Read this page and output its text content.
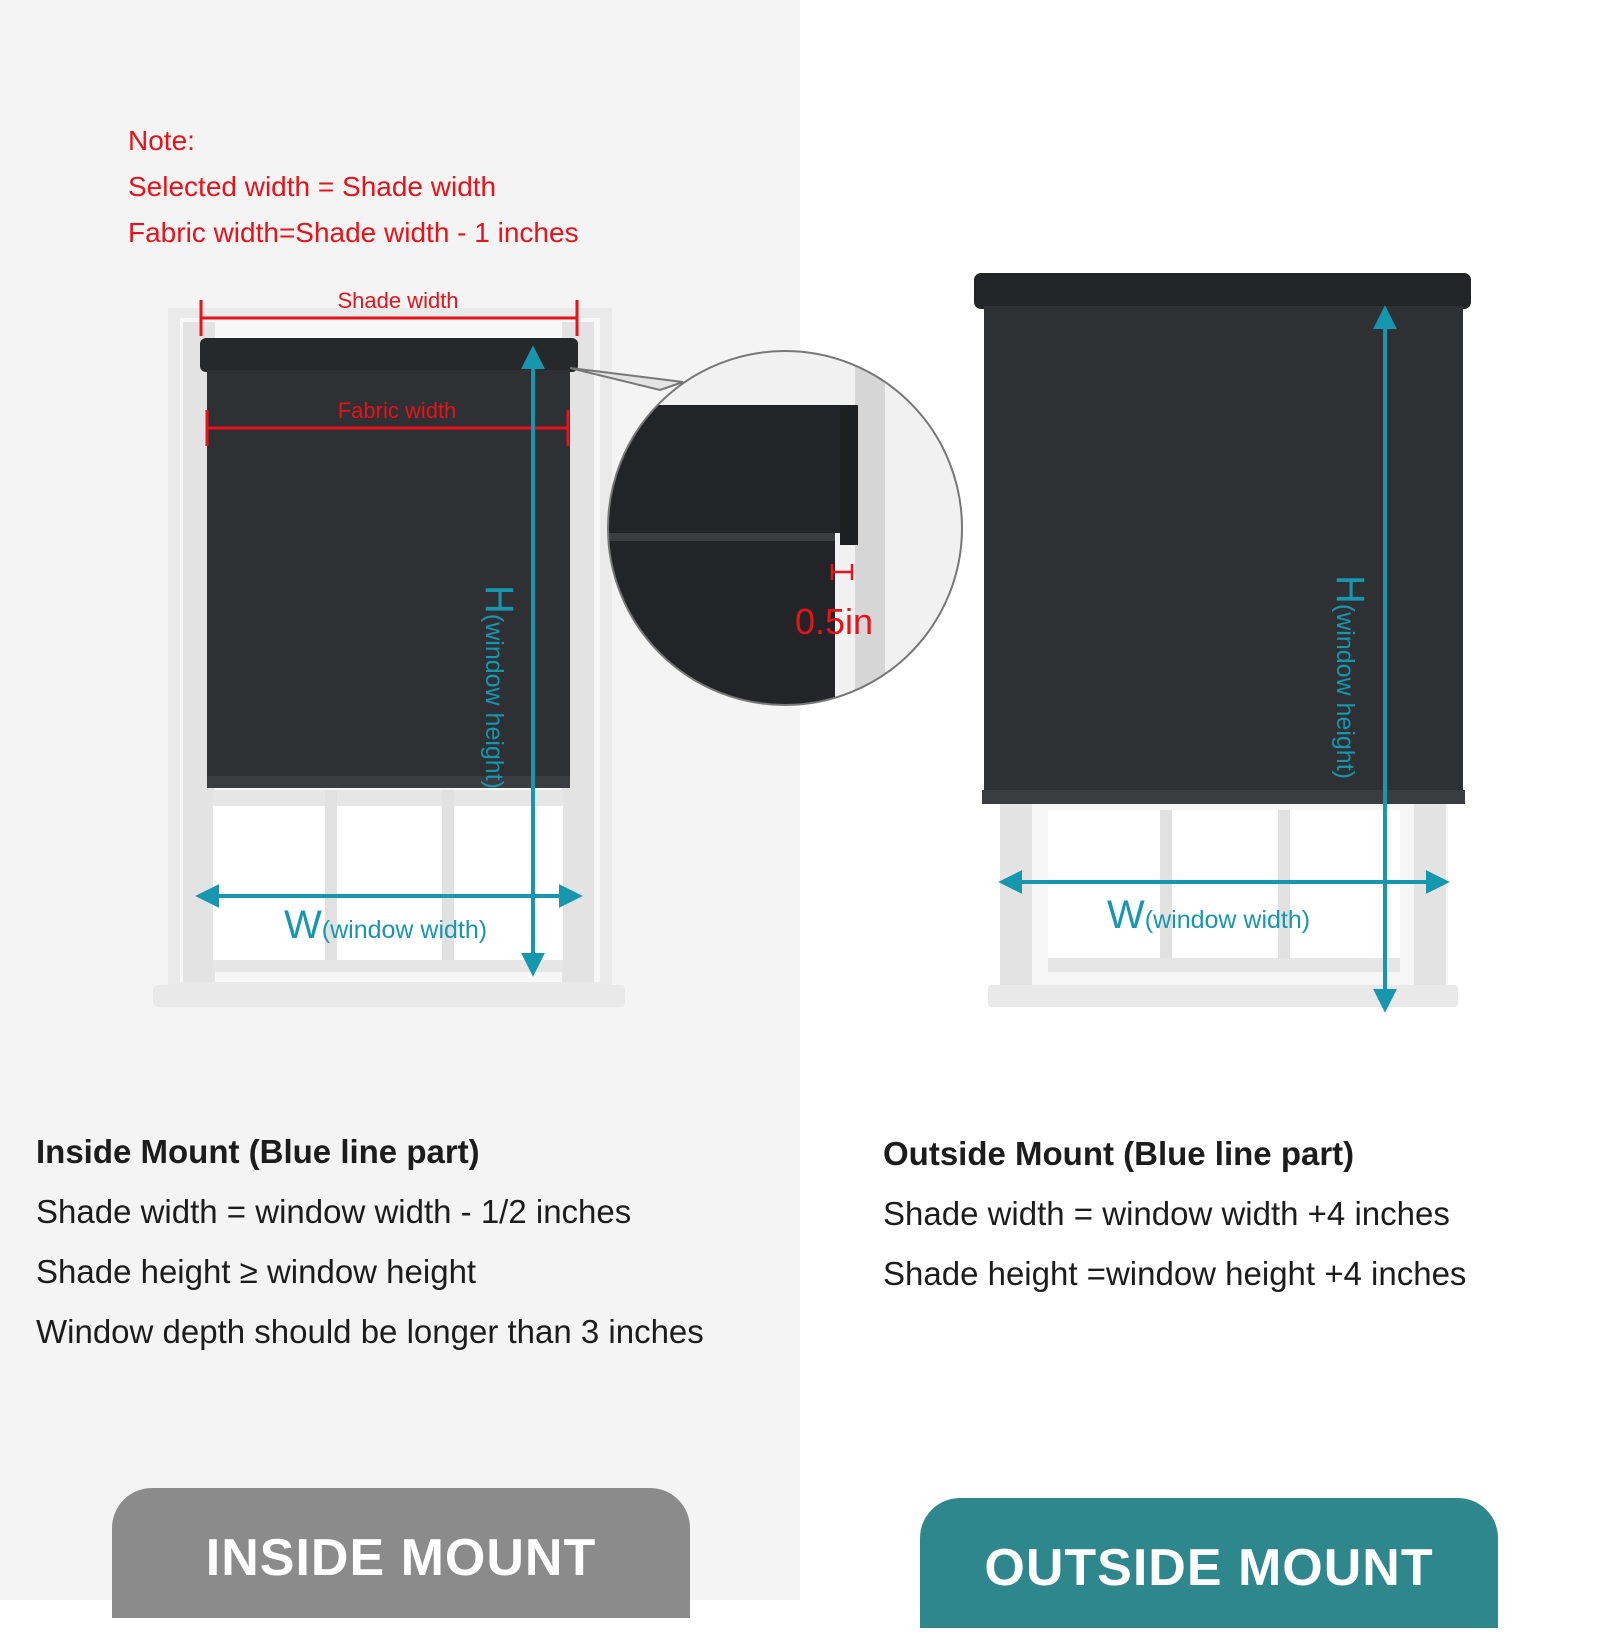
Shade width
Fabric width
H(window height)
W(window width)
0.5in
H(window height)
W(window width)
Note:
Selected width = Shade width
Fabric width=Shade width - 1 inches
Inside Mount (Blue line part)
Shade width = window width - 1/2 inches
Shade height ≥ window height
Window depth should be longer than 3 inches
Outside Mount (Blue line part)
Shade width = window width +4 inches
Shade height =window height +4 inches
INSIDE MOUNT	OUTSIDE MOUNT
